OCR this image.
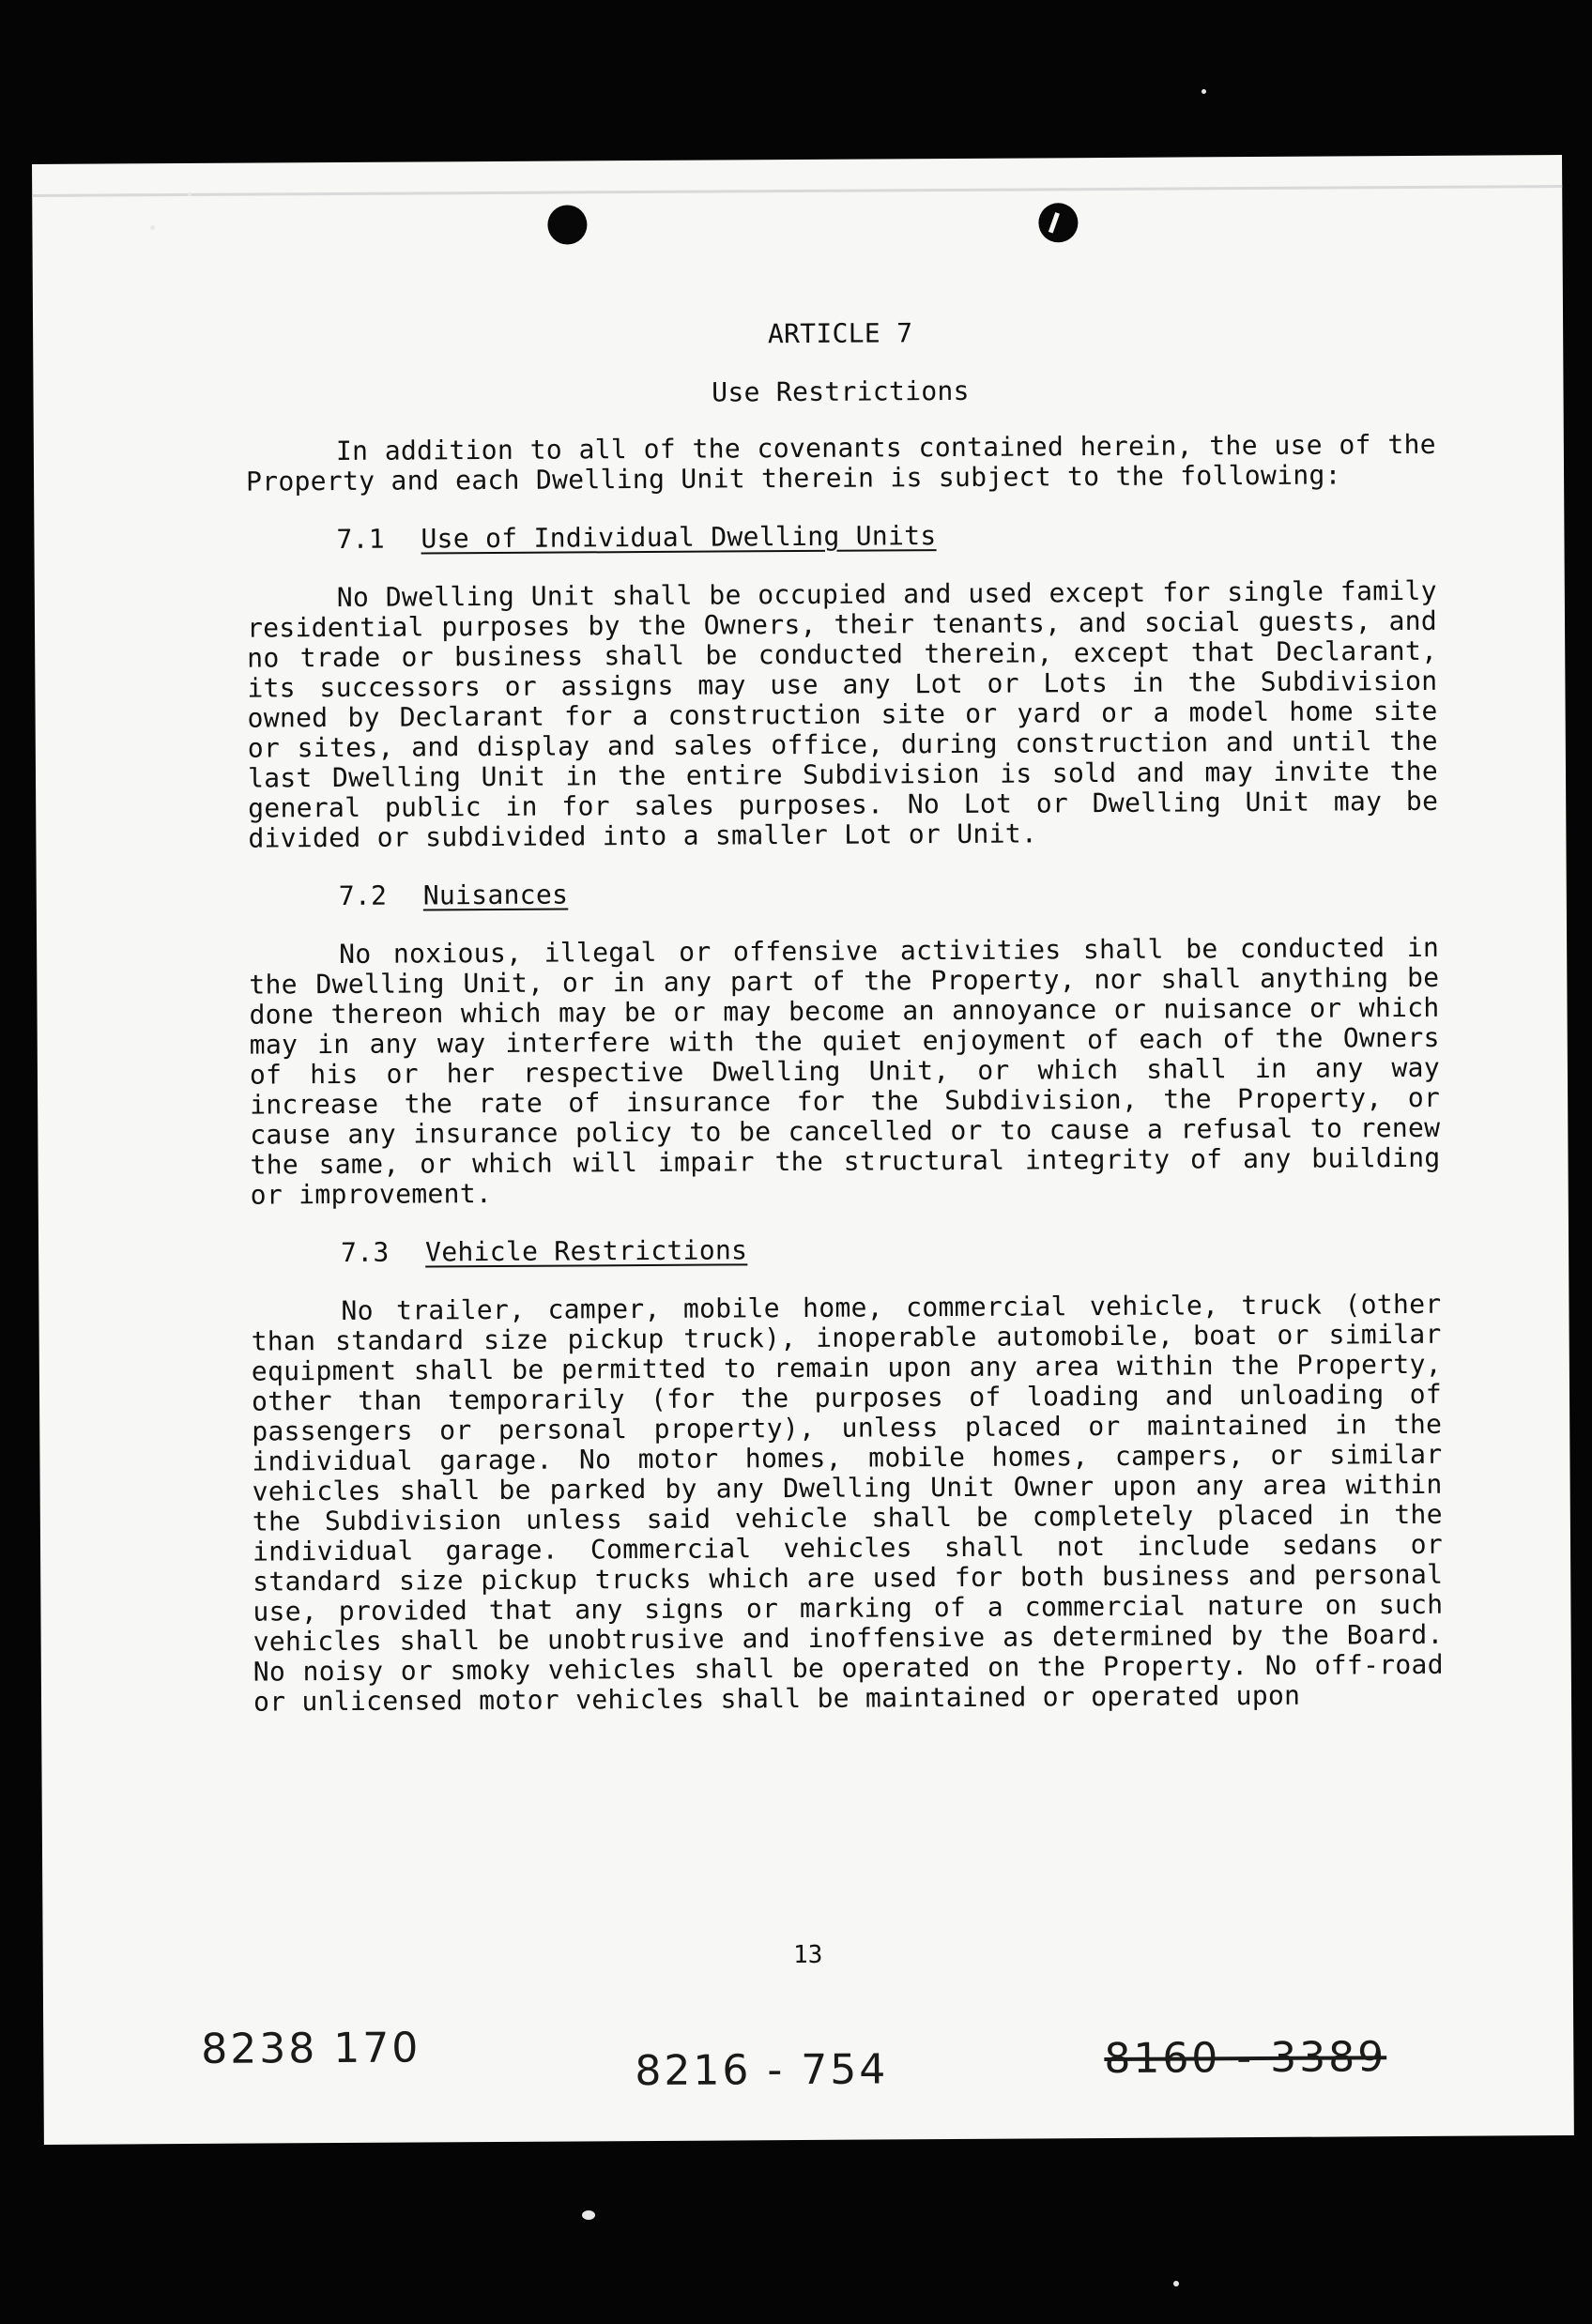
ARTICLE 7
Use Restrictions

In addition to all of the covenants contained herein, the use of the Property and each Dwelling Unit therein is subject to the following:

7.1 Use of Individual Dwelling Units

No Dwelling Unit shall be occupied and used except for single family residential purposes by the Owners, their tenants, and social guests, and no trade or business shall be conducted therein, except that Declarant, its successors or assigns may use any Lot or Lots in the Subdivision owned by Declarant for a construction site or yard or a model home site or sites, and display and sales office, during construction and until the last Dwelling Unit in the entire Subdivision is sold and may invite the general public in for sales purposes. No Lot or Dwelling Unit may be divided or subdivided into a smaller Lot or Unit.

7.2 Nuisances

No noxious, illegal or offensive activities shall be conducted in the Dwelling Unit, or in any part of the Property, nor shall anything be done thereon which may be or may become an annoyance or nuisance or which may in any way interfere with the quiet enjoyment of each of the Owners of his or her respective Dwelling Unit, or which shall in any way increase the rate of insurance for the Subdivision, the Property, or cause any insurance policy to be cancelled or to cause a refusal to renew the same, or which will impair the structural integrity of any building or improvement.

7.3 Vehicle Restrictions

No trailer, camper, mobile home, commercial vehicle, truck (other than standard size pickup truck), inoperable automobile, boat or similar equipment shall be permitted to remain upon any area within the Property, other than temporarily (for the purposes of loading and unloading of passengers or personal property), unless placed or maintained in the individual garage. No motor homes, mobile homes, campers, or similar vehicles shall be parked by any Dwelling Unit Owner upon any area within the Subdivision unless said vehicle shall be completely placed in the individual garage. Commercial vehicles shall not include sedans or standard size pickup trucks which are used for both business and personal use, provided that any signs or marking of a commercial nature on such vehicles shall be unobtrusive and inoffensive as determined by the Board. No noisy or smoky vehicles shall be operated on the Property. No off-road or unlicensed motor vehicles shall be maintained or operated upon

13
8238 170	8216 - 754	8160 - 3389
